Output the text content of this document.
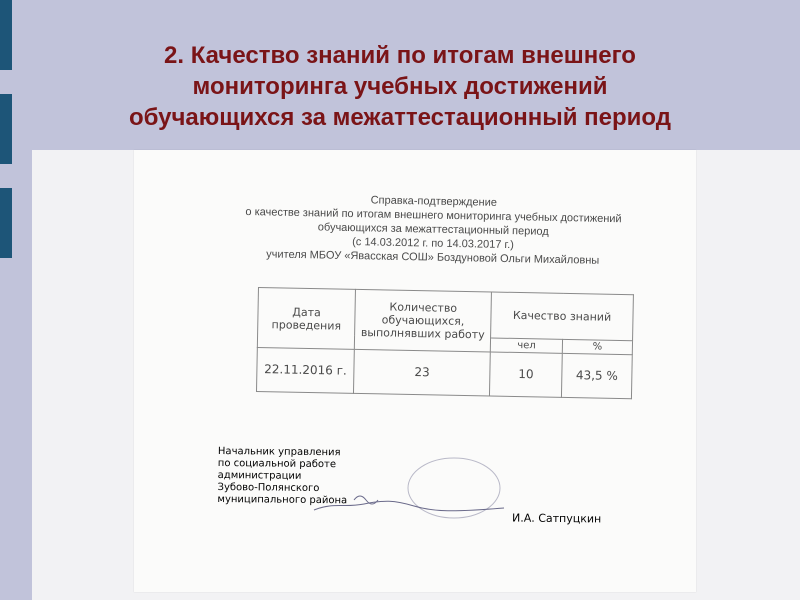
2. Качество знаний по итогам внешнего
мониторинга учебных достижений
обучающихся за межаттестационный период
Справка-подтверждение
о качестве знаний по итогам внешнего мониторинга учебных достижений
обучающихся за межаттестационный период
(с 14.03.2012 г. по 14.03.2017 г.)
учителя МБОУ «Явасская СОШ» Боздуновой Ольги Михайловны
Дата проведения	Количество обучающихся, выполнявших работу	Качество знаний	
		чел	%
22.11.2016 г.	23	10	43,5 %
Начальник управления
по социальной работе
администрации
Зубово-Полянского
муниципального района
И.А. Сатпуцкин
